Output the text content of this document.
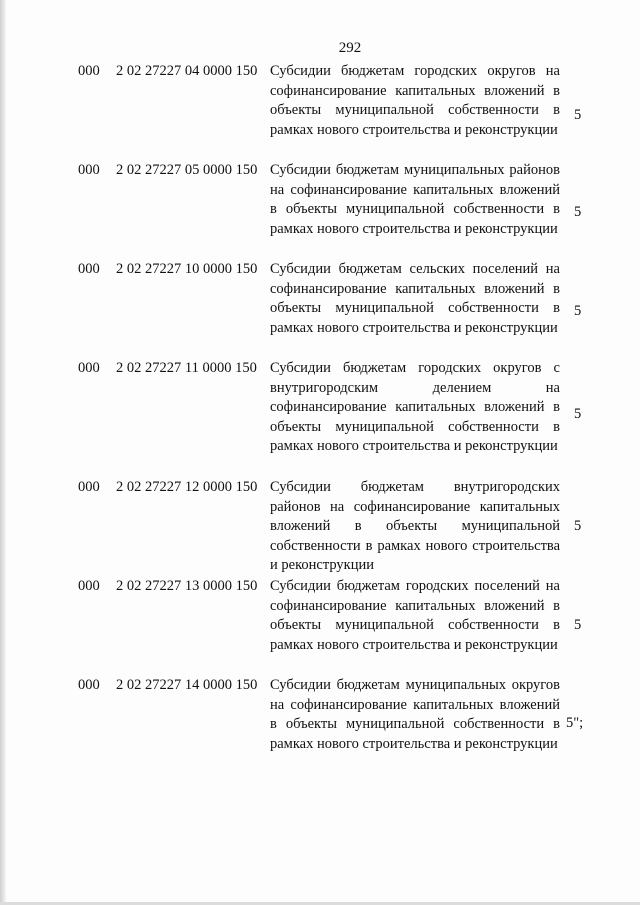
292
000 2 02 27227 04 0000 150 Субсидии бюджетам городских округов на софинансирование капитальных вложений в объекты муниципальной собственности в рамках нового строительства и реконструкции
5
000 2 02 27227 05 0000 150 Субсидии бюджетам муниципальных районов на софинансирование капитальных вложений в объекты муниципальной собственности в рамках нового строительства и реконструкции
5
000 2 02 27227 10 0000 150 Субсидии бюджетам сельских поселений на софинансирование капитальных вложений в объекты муниципальной собственности в рамках нового строительства и реконструкции
5
000 2 02 27227 11 0000 150 Субсидии бюджетам городских округов с внутригородским делением на софинансирование капитальных вложений в объекты муниципальной собственности в рамках нового строительства и реконструкции
5
000 2 02 27227 12 0000 150 Субсидии бюджетам внутригородских районов на софинансирование капитальных вложений в объекты муниципальной собственности в рамках нового строительства и реконструкции
5
000 2 02 27227 13 0000 150 Субсидии бюджетам городских поселений на софинансирование капитальных вложений в объекты муниципальной собственности в рамках нового строительства и реконструкции
5
000 2 02 27227 14 0000 150 Субсидии бюджетам муниципальных округов на софинансирование капитальных вложений в объекты муниципальной собственности в рамках нового строительства и реконструкции
5";
